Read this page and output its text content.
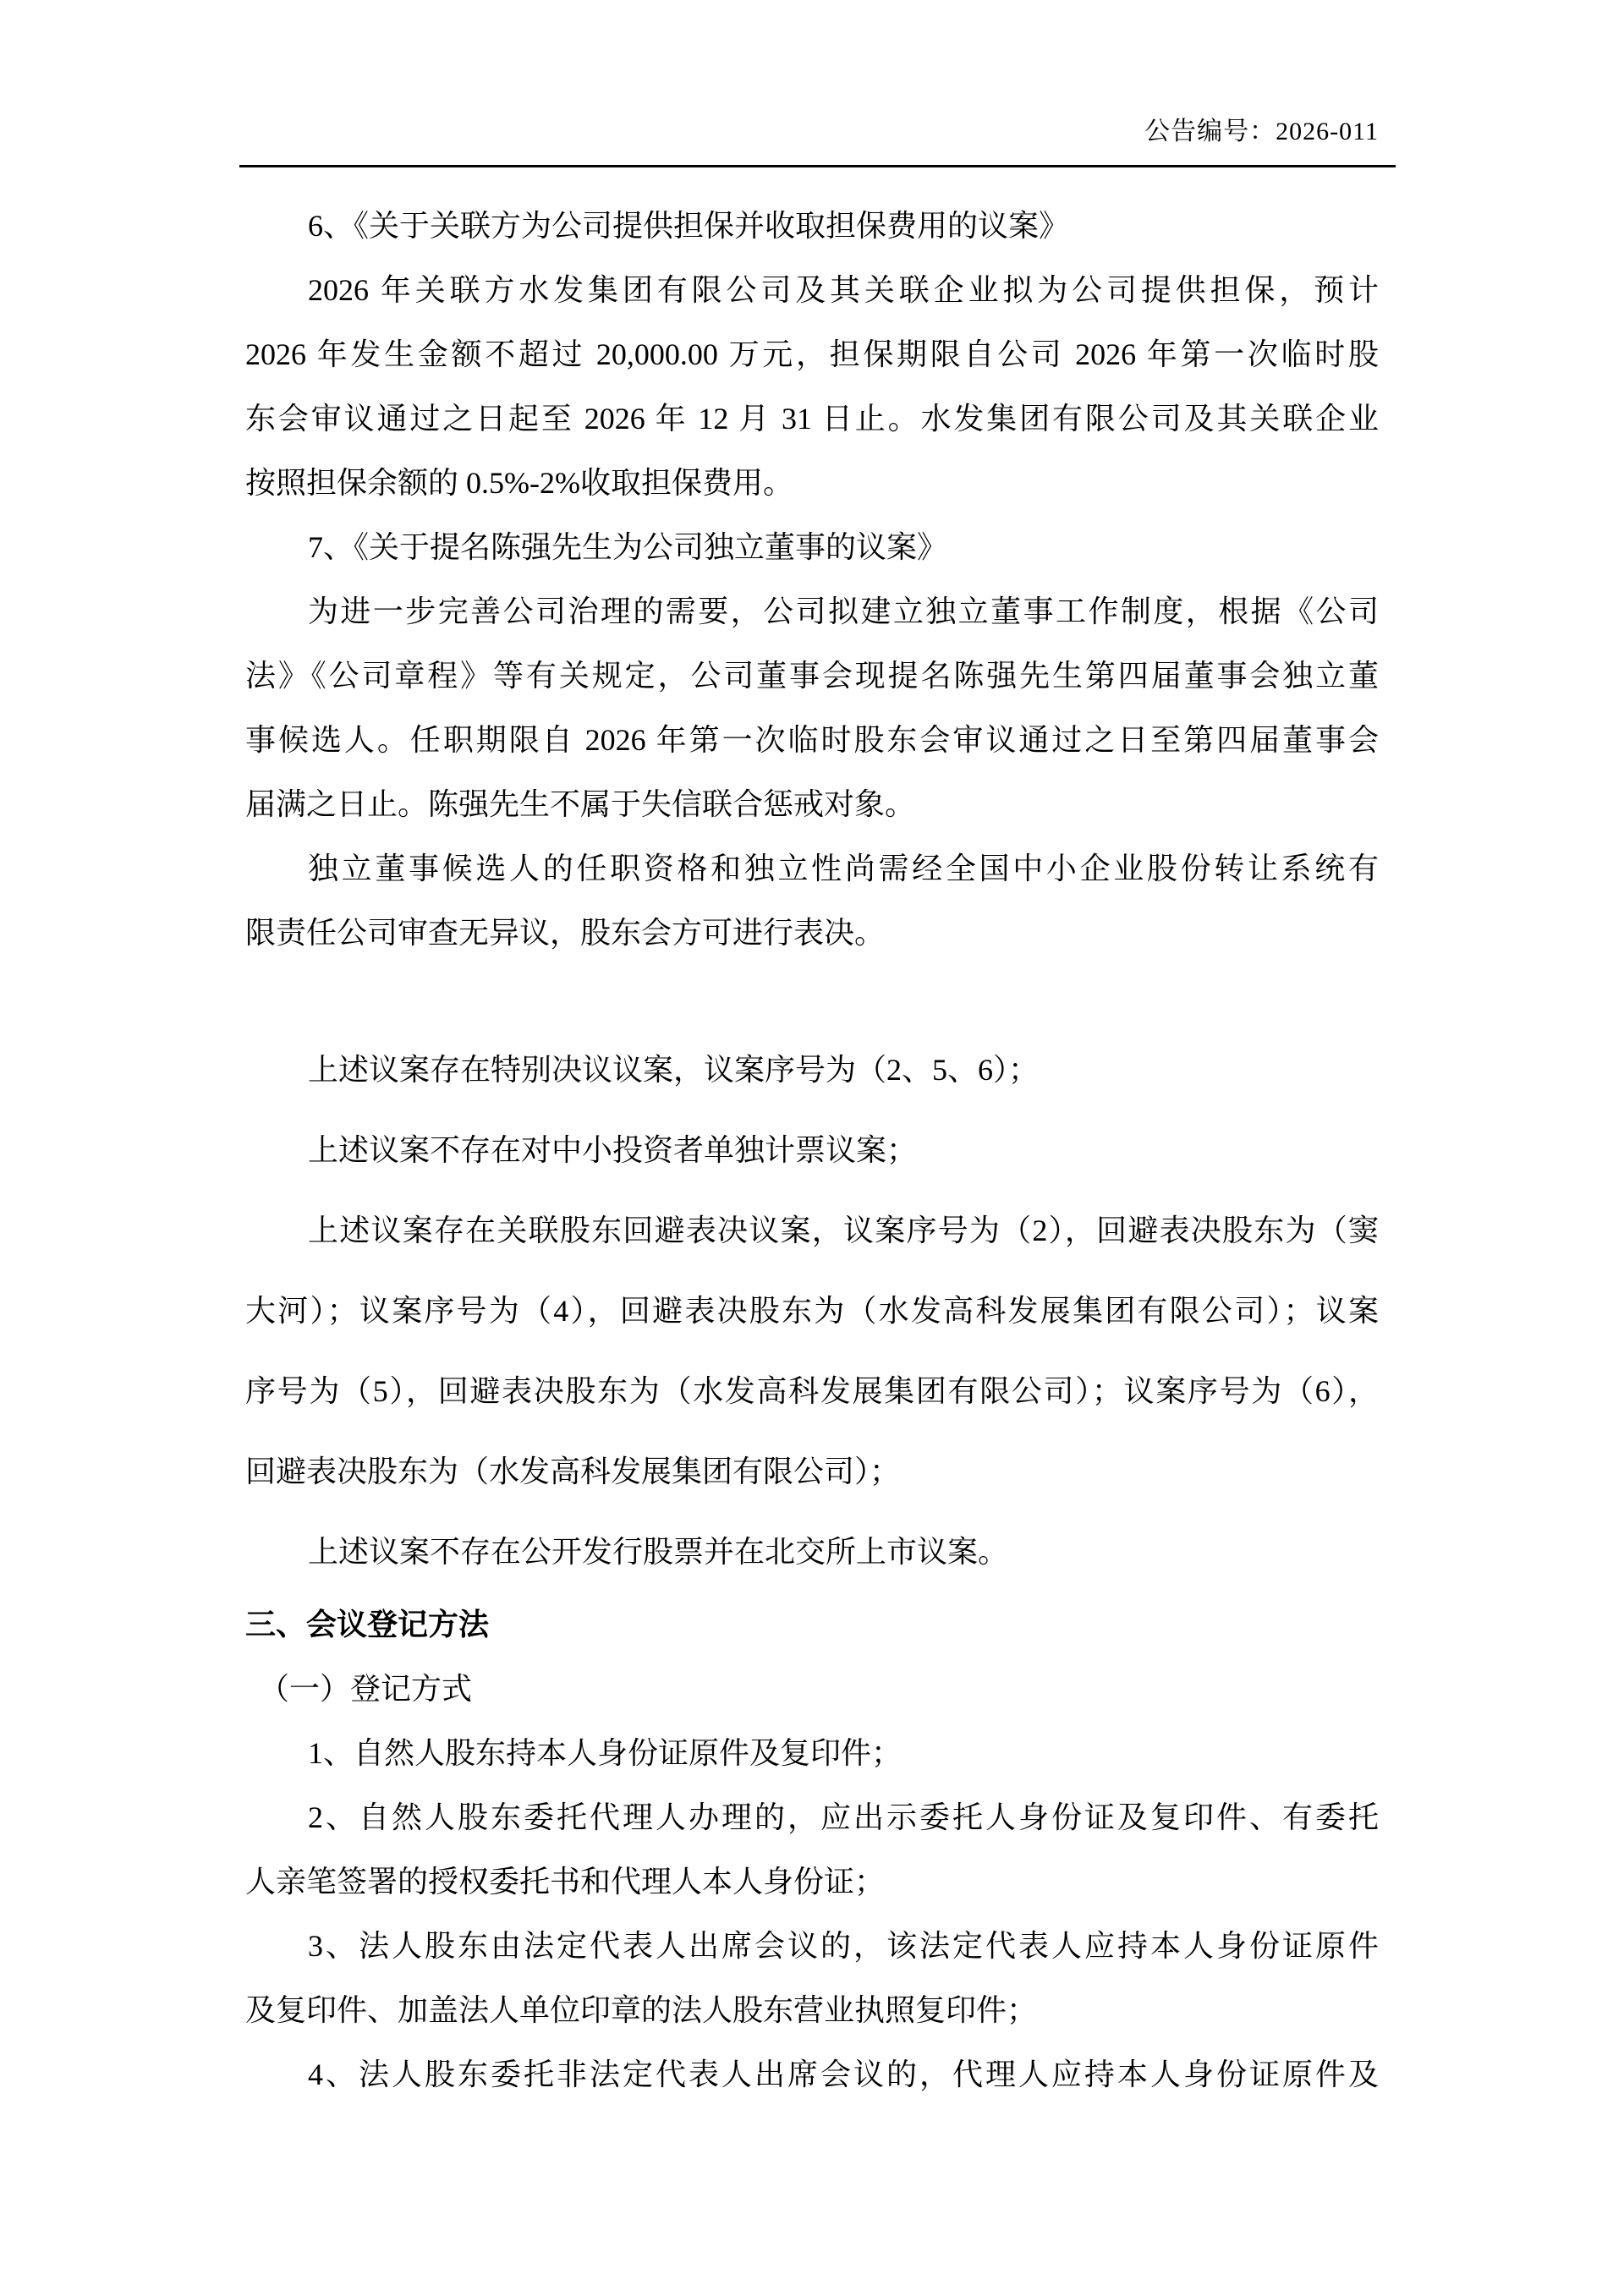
公告编号：2026-011
6、《关于关联方为公司提供担保并收取担保费用的议案》
2026 年关联方水发集团有限公司及其关联企业拟为公司提供担保，预计
2026 年发生金额不超过 20,000.00 万元，担保期限自公司 2026 年第一次临时股
东会审议通过之日起至 2026 年 12 月 31 日止。水发集团有限公司及其关联企业
按照担保余额的 0.5%-2%收取担保费用。
7、《关于提名陈强先生为公司独立董事的议案》
为进一步完善公司治理的需要，公司拟建立独立董事工作制度，根据《公司
法》《公司章程》等有关规定，公司董事会现提名陈强先生第四届董事会独立董
事候选人。任职期限自 2026 年第一次临时股东会审议通过之日至第四届董事会
届满之日止。陈强先生不属于失信联合惩戒对象。
独立董事候选人的任职资格和独立性尚需经全国中小企业股份转让系统有
限责任公司审查无异议，股东会方可进行表决。
上述议案存在特别决议议案，议案序号为（2、5、6）；
上述议案不存在对中小投资者单独计票议案；
上述议案存在关联股东回避表决议案，议案序号为（2），回避表决股东为（窦
大河）；议案序号为（4），回避表决股东为（水发高科发展集团有限公司）；议案
序号为（5），回避表决股东为（水发高科发展集团有限公司）；议案序号为（6），
回避表决股东为（水发高科发展集团有限公司）；
上述议案不存在公开发行股票并在北交所上市议案。
三、会议登记方法
（一）登记方式
1、自然人股东持本人身份证原件及复印件；
2、自然人股东委托代理人办理的，应出示委托人身份证及复印件、有委托
人亲笔签署的授权委托书和代理人本人身份证；
3、法人股东由法定代表人出席会议的，该法定代表人应持本人身份证原件
及复印件、加盖法人单位印章的法人股东营业执照复印件；
4、法人股东委托非法定代表人出席会议的，代理人应持本人身份证原件及
